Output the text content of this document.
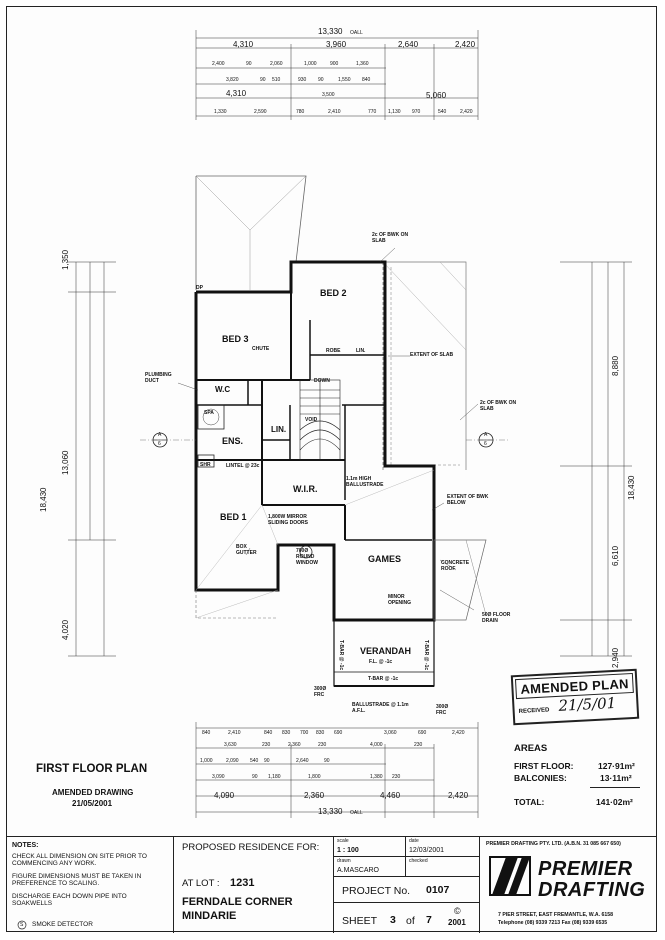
BED 2
BED 3
W.C
ENS.
LIN.
W.I.R.
VOID
BED 1
GAMES
VERANDAH
F.L. @ -1c
SPA
SHR
ROBE	LIN.
2c OF BWK ON SLAB
2c OF BWK ON SLAB
EXTENT OF SLAB
PLUMBING DUCT
CHUTE
DOWN
1.1m HIGH BALLUSTRADE
1,800W MIRROR SLIDING DOORS
EXTENT OF BWK BELOW
BOX GUTTER	700Ø ROUND WINDOW	CONCRETE ROOF
50Ø FLOOR DRAIN
MINOR OPENING
LINTEL @ 23c
BALLUSTRADE @ 1.1m A.F.L.
T-BAR @ -1c
T-BAR @ -1c	T-BAR @ -1c
300Ø FRC
300Ø FRC
DP
A
6
A
6
13,330 OALL
4,310	3,960	2,640	2,420
2,400	90	2,060	1,000	900	1,360
3,820	90 510	930 90	1,550 840
4,310	3,500	5,060
1,330	2,590	780	2,410	770 1,130 970	540	2,420
1,350
13,060
18,430
4,020
8,880
18,430
6,610
2,940
840	2,410	840 830 700 830 690	3,060	690	2,420
3,630	230	2,360	230	4,000	230
1,000	2,090 540 90	2,640	90
3,090	90 1,180	1,800	1,380 230
4,090	2,360	4,460	2,420
13,330 OALL
FIRST FLOOR PLAN
AMENDED DRAWING
21/05/2001
AREAS
FIRST FLOOR:	127·91m²
BALCONIES:	13·11m²
TOTAL:	141·02m²
AMENDED PLAN
RECEIVED 21/5/01
NOTES:
CHECK ALL DIMENSION ON SITE PRIOR TO COMMENCING ANY WORK.
FIGURE DIMENSIONS MUST BE TAKEN IN PREFERENCE TO SCALING.
DISCHARGE EACH DOWN PIPE INTO SOAKWELLS
S SMOKE DETECTOR
PROPOSED RESIDENCE FOR:
AT LOT : 1231
FERNDALE CORNER
MINDARIE
scale
1 : 100
date
12/03/2001
drawn
A.MASCARO
checked
PROJECT No. 0107
SHEET 3 of 7
©
2001
PREMIER DRAFTING PTY. LTD. (A.B.N. 31 085 667 650)
PREMIER
DRAFTING
7 PIER STREET, EAST FREMANTLE, W.A. 6158
Telephone (08) 9339 7213 Fax (08) 9339 6535
